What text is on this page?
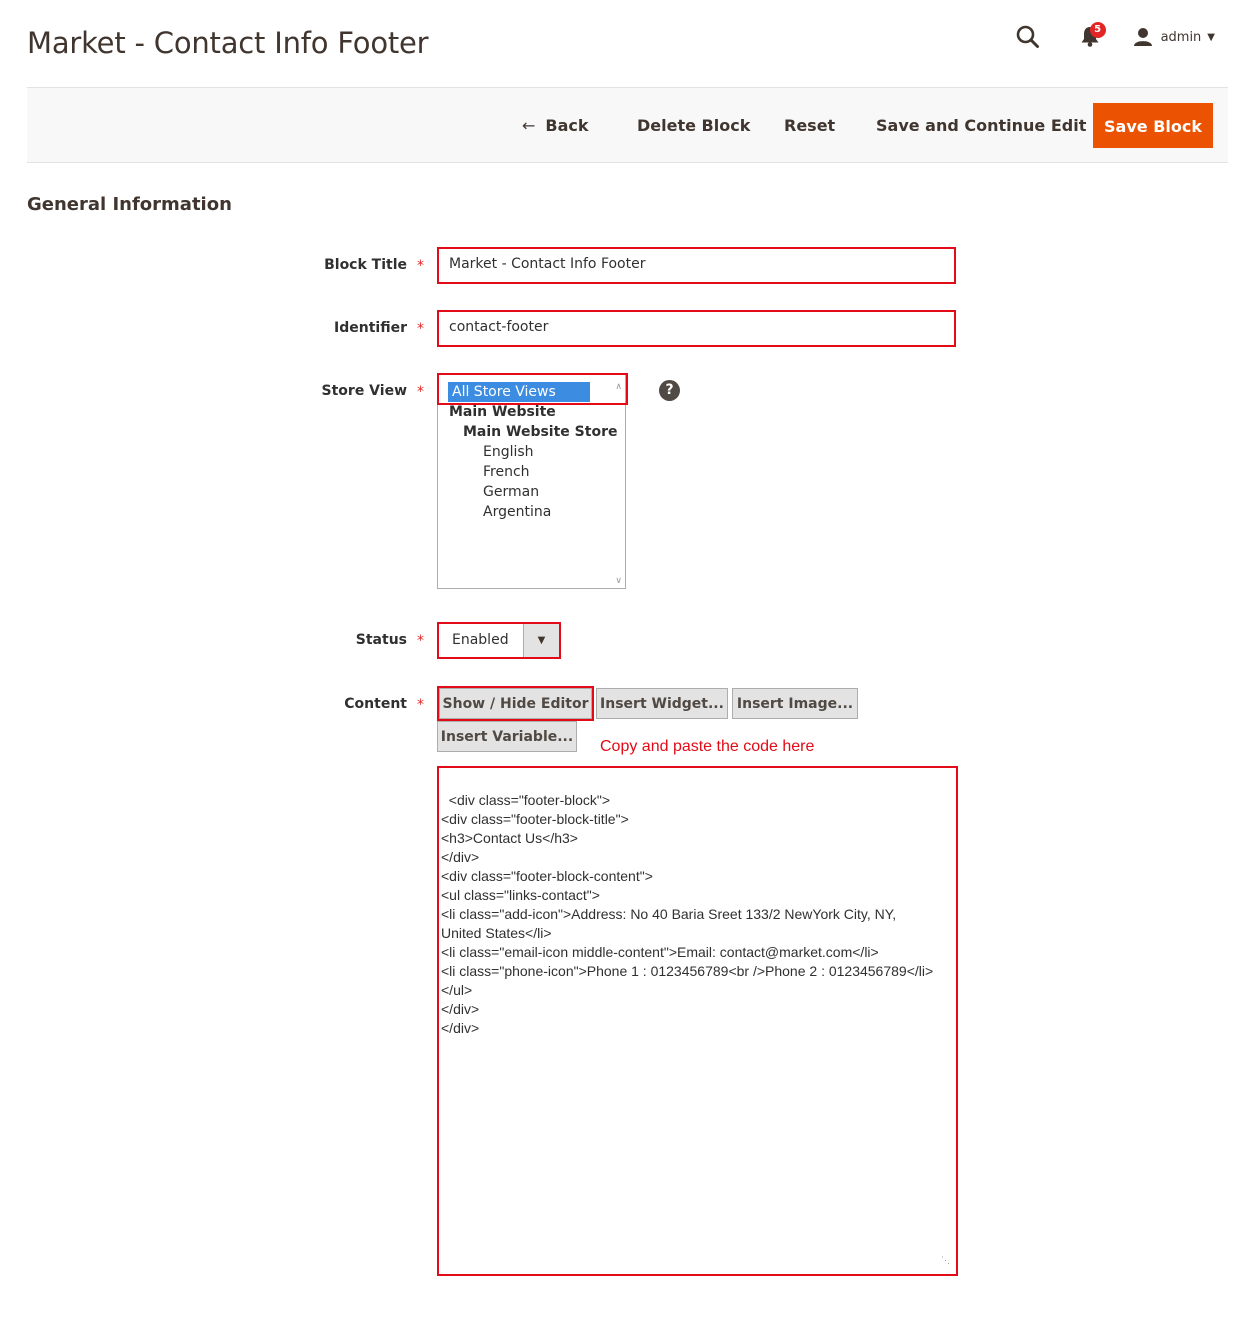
Market - Contact Info Footer	5	admin ▼
← Back	Delete Block Reset	Save and Continue Edit	Save Block
General Information
Block Title *	Market - Contact Info Footer
Identifier *	contact-footer
Store View * All Store Views
Main Website
Main Website Store
English
French
German
Argentina
∧
∨
?
Status * Enabled	▼
Content * Show / Hide Editor Insert Widget... Insert Image...
Insert Variable...
Copy and paste the code here

<div class="footer-block">
<div class="footer-block-title">
<h3>Contact Us</h3>
</div>
<div class="footer-block-content">
<ul class="links-contact">
<li class="add-icon">Address: No 40 Baria Sreet 133/2 NewYork City, NY,
United States</li>
<li class="email-icon middle-content">Email: contact@market.com</li>
<li class="phone-icon">Phone 1 : 0123456789<br />Phone 2 : 0123456789</li>
</ul>
</div>
</div>

⋱
